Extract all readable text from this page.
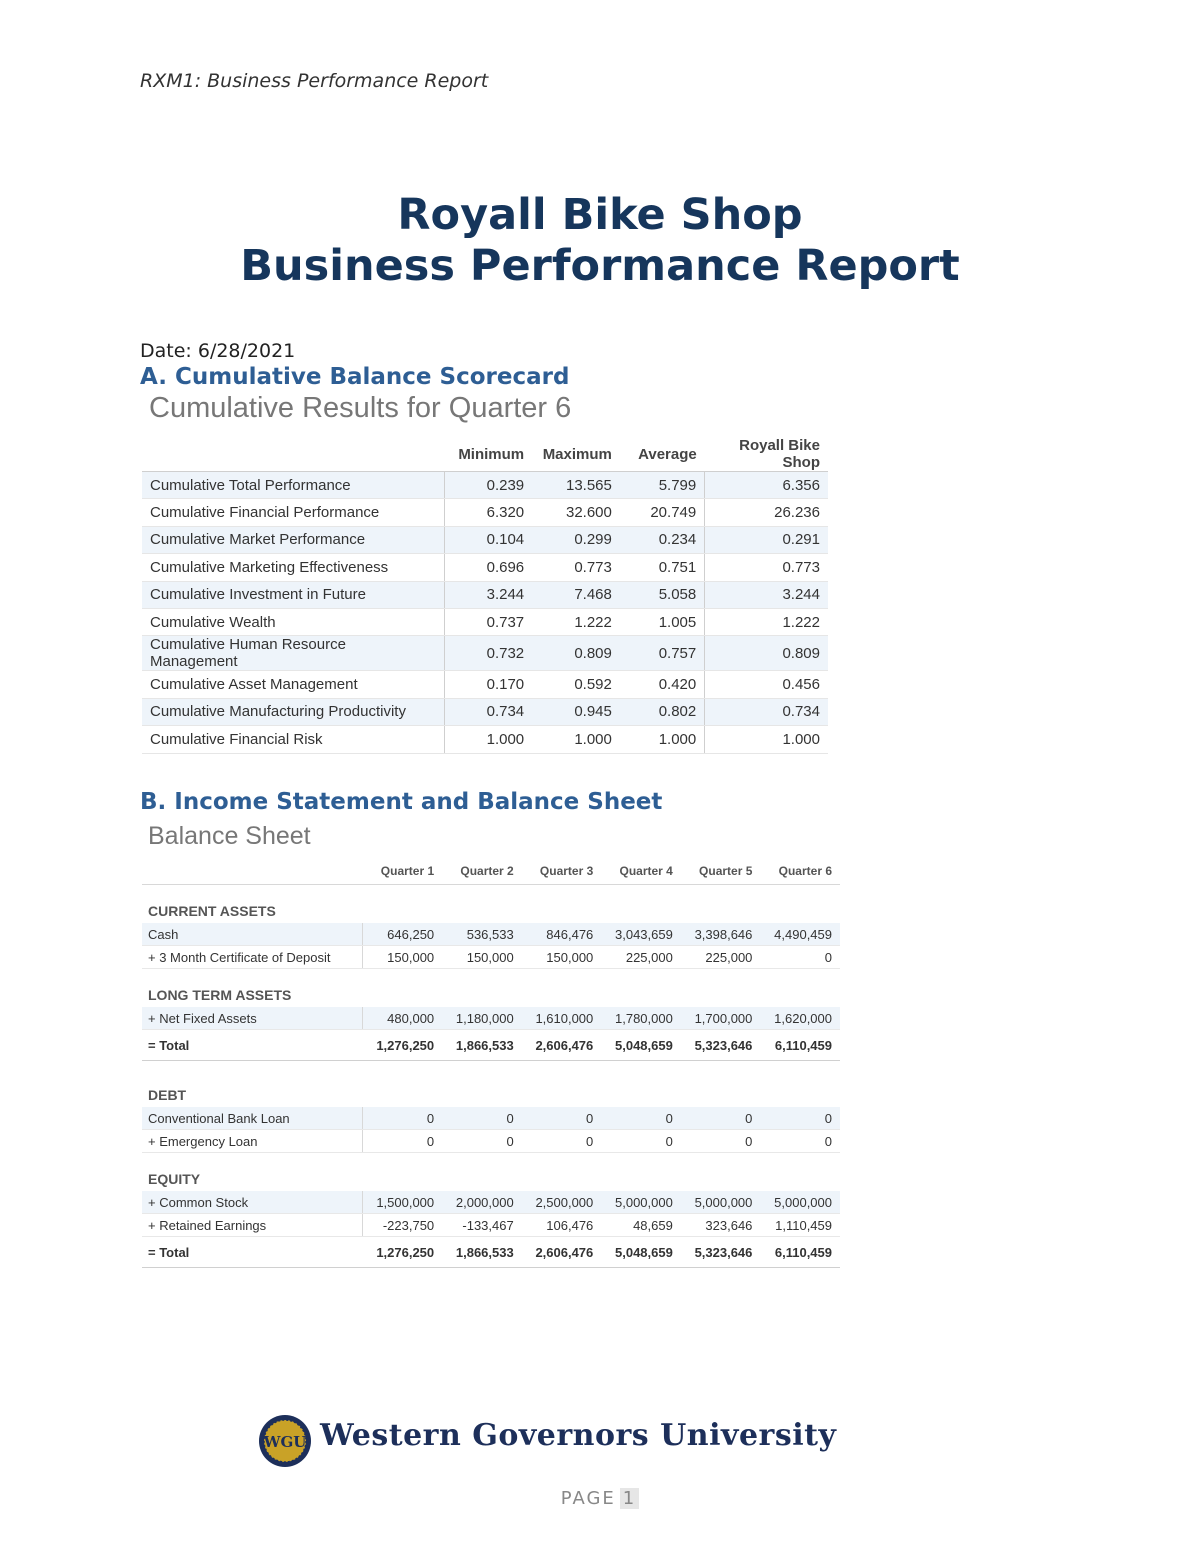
RXM1: Business Performance Report
Royall Bike Shop
Business Performance Report
Date: 6/28/2021
A. Cumulative Balance Scorecard
Cumulative Results for Quarter 6
	Minimum	Maximum	Average	Royall Bike Shop
Cumulative Total Performance	0.239	13.565	5.799	6.356
Cumulative Financial Performance	6.320	32.600	20.749	26.236
Cumulative Market Performance	0.104	0.299	0.234	0.291
Cumulative Marketing Effectiveness	0.696	0.773	0.751	0.773
Cumulative Investment in Future	3.244	7.468	5.058	3.244
Cumulative Wealth	0.737	1.222	1.005	1.222
Cumulative Human Resource Management	0.732	0.809	0.757	0.809
Cumulative Asset Management	0.170	0.592	0.420	0.456
Cumulative Manufacturing Productivity	0.734	0.945	0.802	0.734
Cumulative Financial Risk	1.000	1.000	1.000	1.000
B. Income Statement and Balance Sheet
Balance Sheet
	Quarter 1	Quarter 2	Quarter 3	Quarter 4	Quarter 5	Quarter 6
CURRENT ASSETS						
Cash	646,250	536,533	846,476	3,043,659	3,398,646	4,490,459
+ 3 Month Certificate of Deposit	150,000	150,000	150,000	225,000	225,000	0
LONG TERM ASSETS						
+ Net Fixed Assets	480,000	1,180,000	1,610,000	1,780,000	1,700,000	1,620,000
= Total	1,276,250	1,866,533	2,606,476	5,048,659	5,323,646	6,110,459

DEBT						
Conventional Bank Loan	0	0	0	0	0	0
+ Emergency Loan	0	0	0	0	0	0
EQUITY						
+ Common Stock	1,500,000	2,000,000	2,500,000	5,000,000	5,000,000	5,000,000
+ Retained Earnings	-223,750	-133,467	106,476	48,659	323,646	1,110,459
= Total	1,276,250	1,866,533	2,606,476	5,048,659	5,323,646	6,110,459
WGU Western Governors University
PAGE 1
